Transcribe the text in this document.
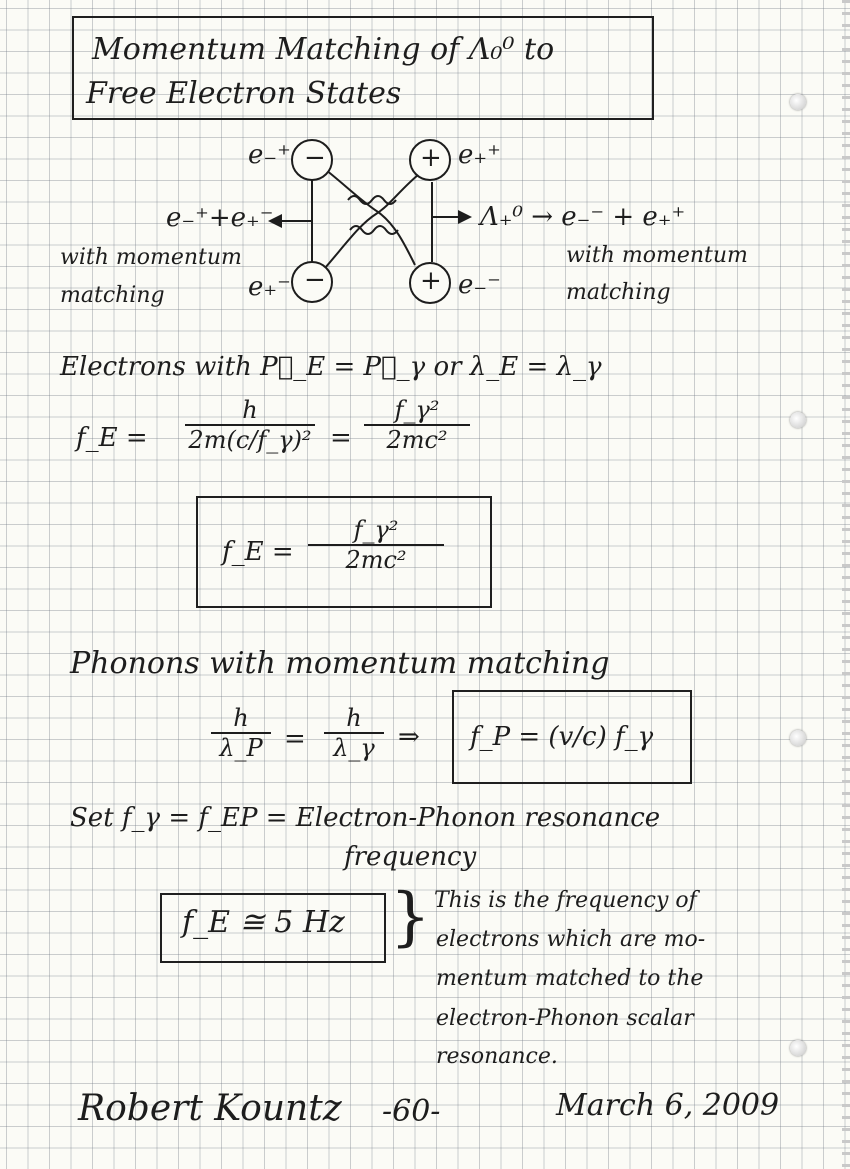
Momentum Matching of Λ₀⁰ to
Free Electron States
−	+
−	+
e₋⁺
e₊⁻
e₊⁺
e₋⁻
e₋⁺+e₊⁻
with momentum
matching
Λ₊⁰ → e₋⁻ + e₊⁺
with momentum
matching
Electrons with P⃗_E = P⃗_γ or λ_E = λ_γ
f_E =
h
2m(c/f_γ)² =
f_γ²
2mc²
f_E =
f_γ²
2mc²
Phonons with momentum matching
h
λ_P =
h
λ_γ ⇒ f_P = (v/c) f_γ
Set f_γ = f_EP = Electron-Phonon resonance
frequency
f_E ≅ 5 Hz } This is the frequency of
electrons which are mo-
mentum matched to the
electron-Phonon scalar
resonance.
Robert Kountz -60-	March 6, 2009
